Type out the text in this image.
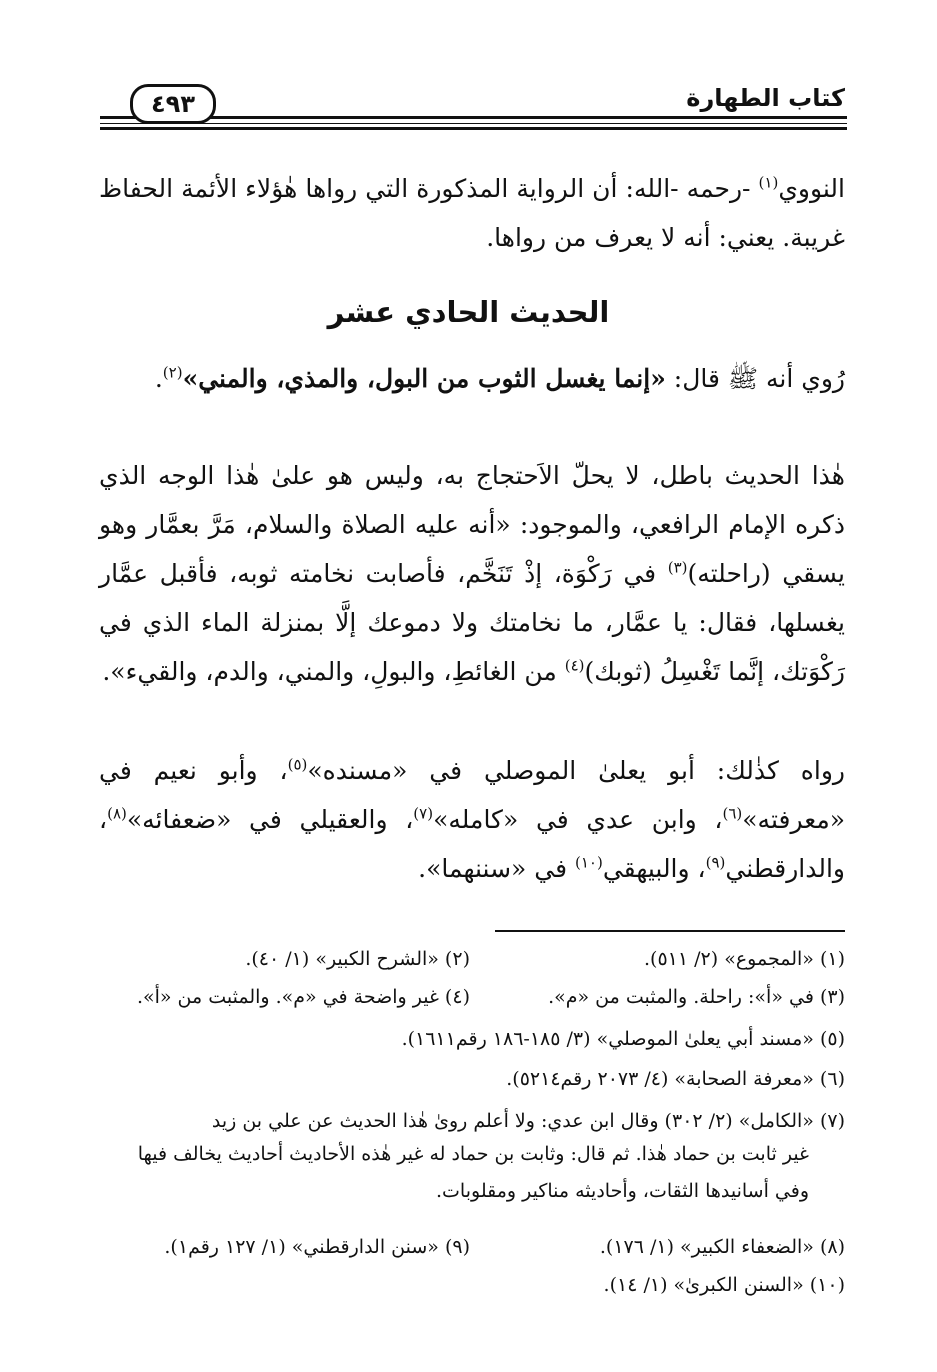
كتاب الطهارة
٤٩٣
النووي$^{(١)}$ -رحمه -الله: أن الرواية المذكورة التي رواها هٰؤلاء الأئمة الحفاظ غريبة. يعني: أنه لا يعرف من رواها.
الحديث الحادي عشر
رُوي أنه ﷺ قال: «إنما يغسل الثوب من البول، والمذي، والمني»$^{(٢)}$.
هٰذا الحديث باطل، لا يحلّ الاَحتجاج به، وليس هو علىٰ هٰذا الوجه الذي ذكره الإمام الرافعي، والموجود: «أنه عليه الصلاة والسلام، مَرَّ بعمَّار وهو يسقي (راحلته)$^{(٣)}$ في رَكْوَة، إذْ تَنَخَّم، فأصابت نخامته ثوبه، فأقبل عمَّار يغسلها، فقال: يا عمَّار، ما نخامتك ولا دموعك إلَّا بمنزلة الماء الذي في رَكْوَتك، إنَّما تَغْسِلُ (ثوبك)$^{(٤)}$ من الغائطِ، والبولِ، والمني، والدم، والقيء».
رواه كذٰلك: أبو يعلىٰ الموصلي في «مسنده»$^{(٥)}$، وأبو نعيم في «معرفته»$^{(٦)}$، وابن عدي في «كامله»$^{(٧)}$، والعقيلي في «ضعفائه»$^{(٨)}$، والدارقطني$^{(٩)}$، والبيهقي$^{(١٠)}$ في «سننهما».
(١) «المجموع» (٢/ ٥١١).
(٢) «الشرح الكبير» (١/ ٤٠).
(٣) في «أ»: راحلة. والمثبت من «م».
(٤) غير واضحة في «م». والمثبت من «أ».
(٥) «مسند أبي يعلىٰ الموصلي» (٣/ ١٨٥-١٨٦ رقم١٦١١).
(٦) «معرفة الصحابة» (٤/ ٢٠٧٣ رقم٥٢١٤).
(٧) «الكامل» (٢/ ٣٠٢) وقال ابن عدي: ولا أعلم روىٰ هٰذا الحديث عن علي بن زيد
غير ثابت بن حماد هٰذا. ثم قال: وثابت بن حماد له غير هٰذه الأحاديث أحاديث يخالف فيها وفي أسانيدها الثقات، وأحاديثه مناكير ومقلوبات.
(٨) «الضعفاء الكبير» (١/ ١٧٦).
(٩) «سنن الدارقطني» (١/ ١٢٧ رقم١).
(١٠) «السنن الكبرىٰ» (١/ ١٤).
